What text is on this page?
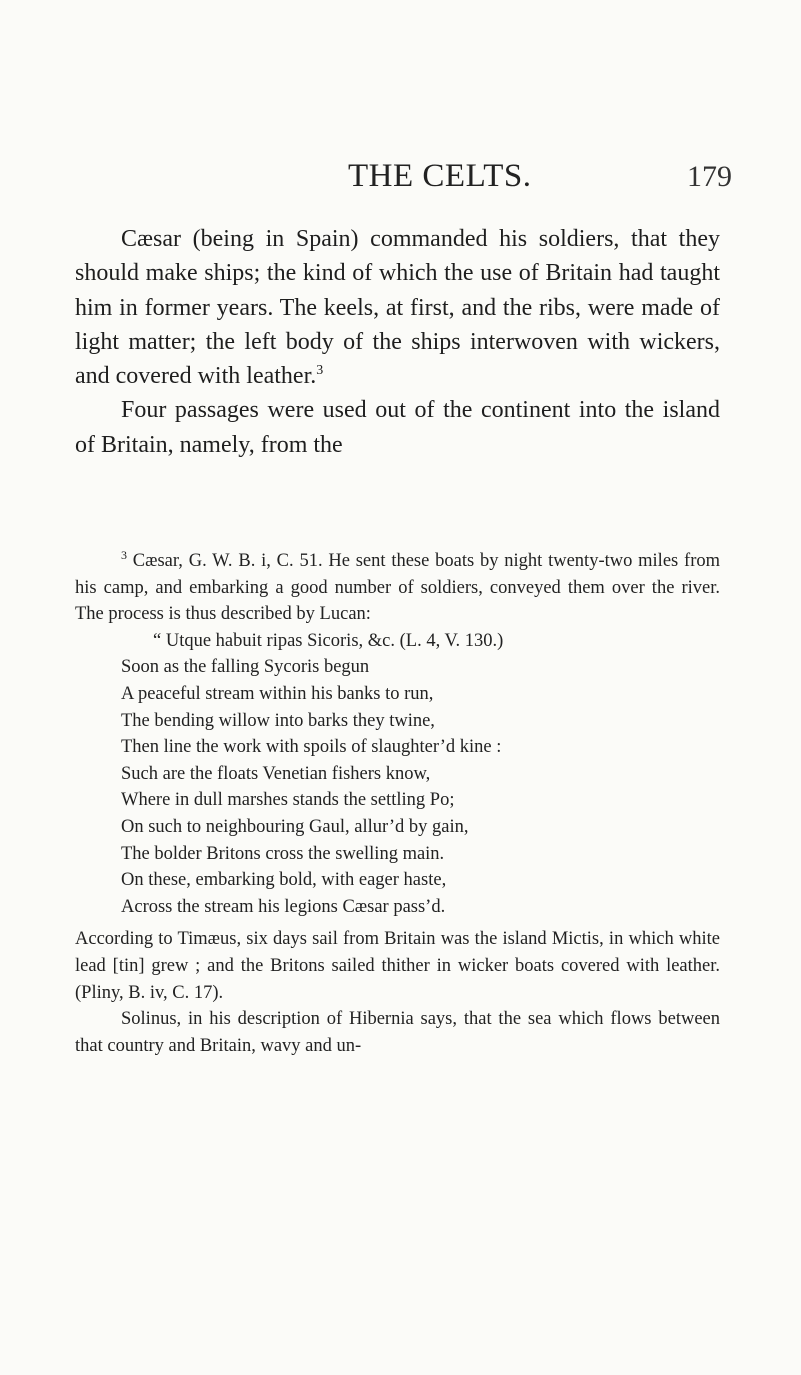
THE CELTS.	179

Cæsar (being in Spain) commanded his soldiers, that they should make ships; the kind of which the use of Britain had taught him in former years. The keels, at first, and the ribs, were made of light matter; the left body of the ships interwoven with wickers, and covered with leather.$^3$

Four passages were used out of the continent into the island of Britain, namely, from the

$^3$ Cæsar, G. W. B. i, C. 51. He sent these boats by night twenty-two miles from his camp, and embarking a good number of soldiers, conveyed them over the river. The process is thus described by Lucan:

“ Utque habuit ripas Sicoris, &c. (L. 4, V. 130.)

Soon as the falling Sycoris begun
A peaceful stream within his banks to run,
The bending willow into barks they twine,
Then line the work with spoils of slaughter’d kine :
Such are the floats Venetian fishers know,
Where in dull marshes stands the settling Po;
On such to neighbouring Gaul, allur’d by gain,
The bolder Britons cross the swelling main.
On these, embarking bold, with eager haste,
Across the stream his legions Cæsar pass’d.

According to Timæus, six days sail from Britain was the island Mictis, in which white lead [tin] grew ; and the Britons sailed thither in wicker boats covered with leather. (Pliny, B. iv, C. 17).

Solinus, in his description of Hibernia says, that the sea which flows between that country and Britain, wavy and un-
